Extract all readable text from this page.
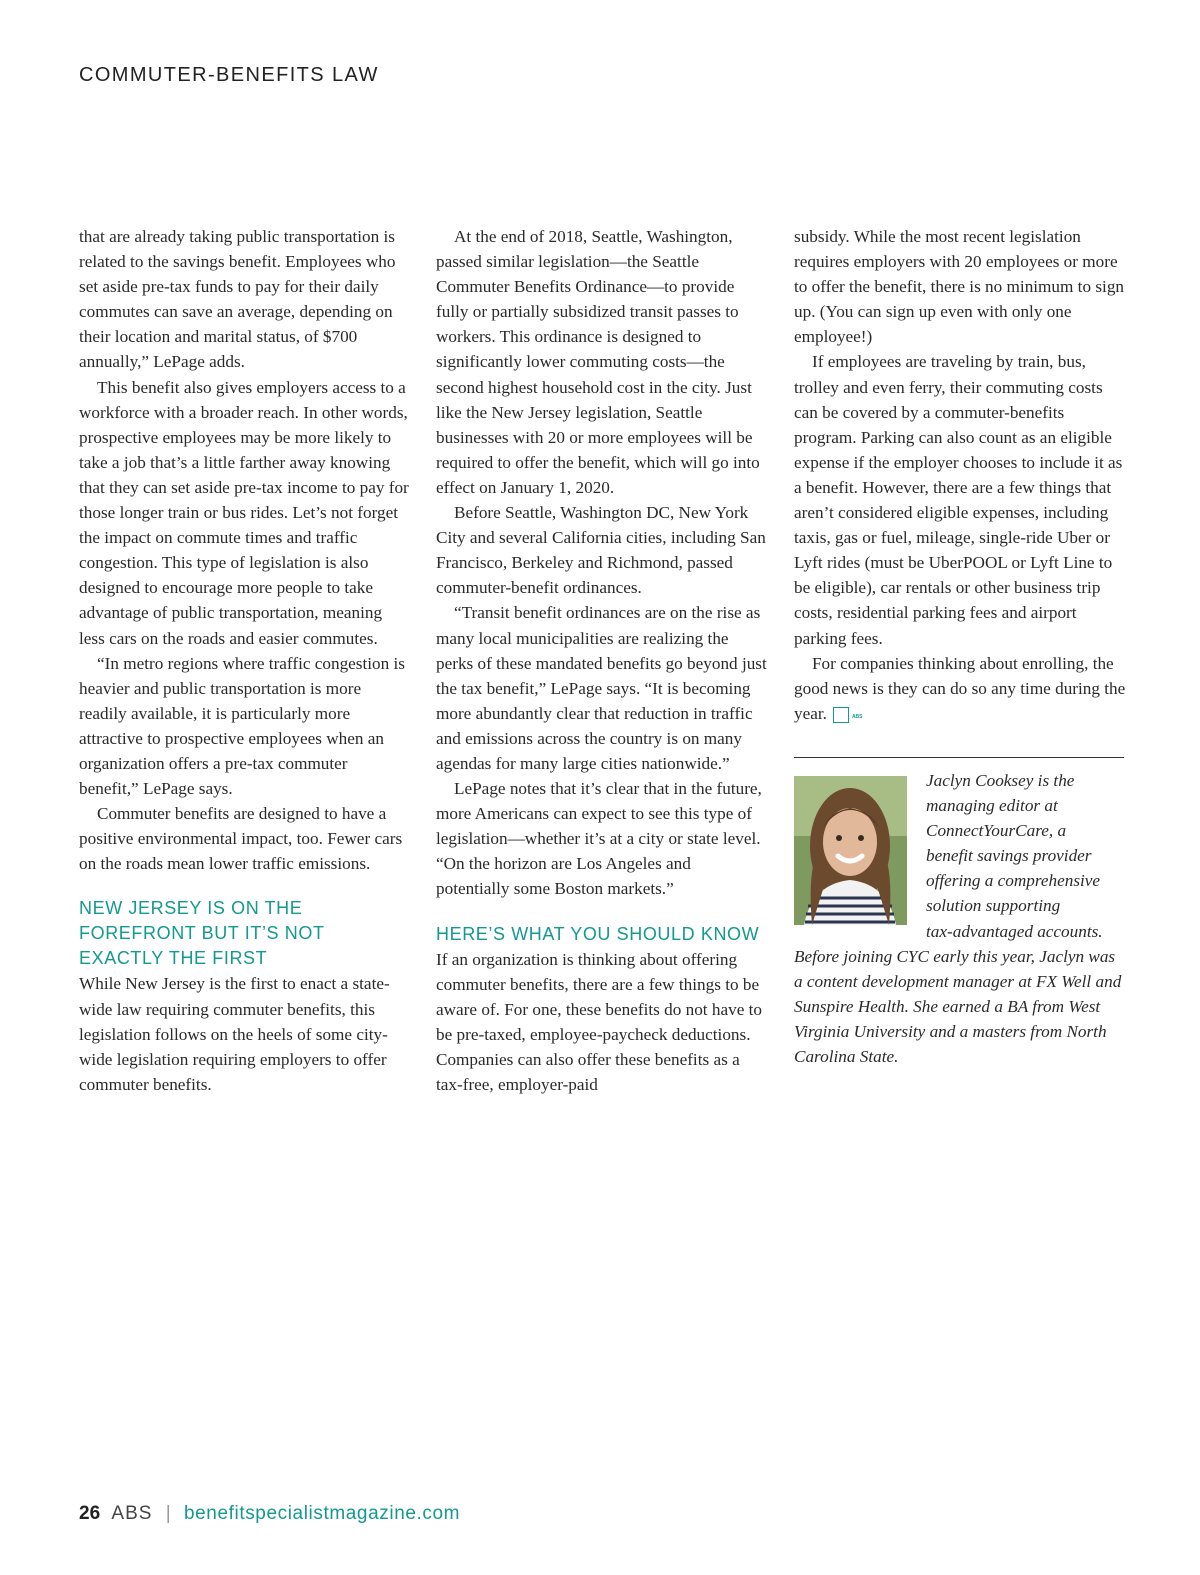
COMMUTER-BENEFITS LAW

that are already taking public transportation is related to the savings benefit. Employees who set aside pre-tax funds to pay for their daily commutes can save an average, depending on their location and marital status, of $700 annually,” LePage adds.

This benefit also gives employers access to a workforce with a broader reach. In other words, prospective employees may be more likely to take a job that’s a little farther away knowing that they can set aside pre-tax income to pay for those longer train or bus rides. Let’s not forget the impact on commute times and traffic congestion. This type of legislation is also designed to encourage more people to take advantage of public transportation, meaning less cars on the roads and easier commutes.

“In metro regions where traffic congestion is heavier and public transportation is more readily available, it is particularly more attractive to prospective employees when an organization offers a pre-tax commuter benefit,” LePage says.

Commuter benefits are designed to have a positive environmental impact, too. Fewer cars on the roads mean lower traffic emissions.

NEW JERSEY IS ON THE FOREFRONT BUT IT’S NOT EXACTLY THE FIRST

While New Jersey is the first to enact a state-wide law requiring commuter benefits, this legislation follows on the heels of some city-wide legislation requiring employers to offer commuter benefits.

At the end of 2018, Seattle, Washington, passed similar legislation—the Seattle Commuter Benefits Ordinance—to provide fully or partially subsidized transit passes to workers. This ordinance is designed to significantly lower commuting costs—the second highest household cost in the city. Just like the New Jersey legislation, Seattle businesses with 20 or more employees will be required to offer the benefit, which will go into effect on January 1, 2020.

Before Seattle, Washington DC, New York City and several California cities, including San Francisco, Berkeley and Richmond, passed commuter-benefit ordinances.

“Transit benefit ordinances are on the rise as many local municipalities are realizing the perks of these mandated benefits go beyond just the tax benefit,” LePage says. “It is becoming more abundantly clear that reduction in traffic and emissions across the country is on many agendas for many large cities nationwide.”

LePage notes that it’s clear that in the future, more Americans can expect to see this type of legislation—whether it’s at a city or state level. “On the horizon are Los Angeles and potentially some Boston markets.”

HERE’S WHAT YOU SHOULD KNOW

If an organization is thinking about offering commuter benefits, there are a few things to be aware of. For one, these benefits do not have to be pre-taxed, employee-paycheck deductions. Companies can also offer these benefits as a tax-free, employer-paid

subsidy. While the most recent legislation requires employers with 20 employees or more to offer the benefit, there is no minimum to sign up. (You can sign up even with only one employee!)

If employees are traveling by train, bus, trolley and even ferry, their commuting costs can be covered by a commuter-benefits program. Parking can also count as an eligible expense if the employer chooses to include it as a benefit. However, there are a few things that aren’t considered eligible expenses, including taxis, gas or fuel, mileage, single-ride Uber or Lyft rides (must be UberPOOL or Lyft Line to be eligible), car rentals or other business trip costs, residential parking fees and airport parking fees.

For companies thinking about enrolling, the good news is they can do so any time during the year.	ABS

Jaclyn Cooksey is the
managing editor at
ConnectYourCare, a
benefit savings provider
offering a comprehensive
solution supporting
tax-advantaged accounts.
Before joining CYC early this year, Jaclyn was a content development manager at FX Well and Sunspire Health. She earned a BA from West Virginia University and a masters from North Carolina State.
26 ABS | benefitspecialistmagazine.com
